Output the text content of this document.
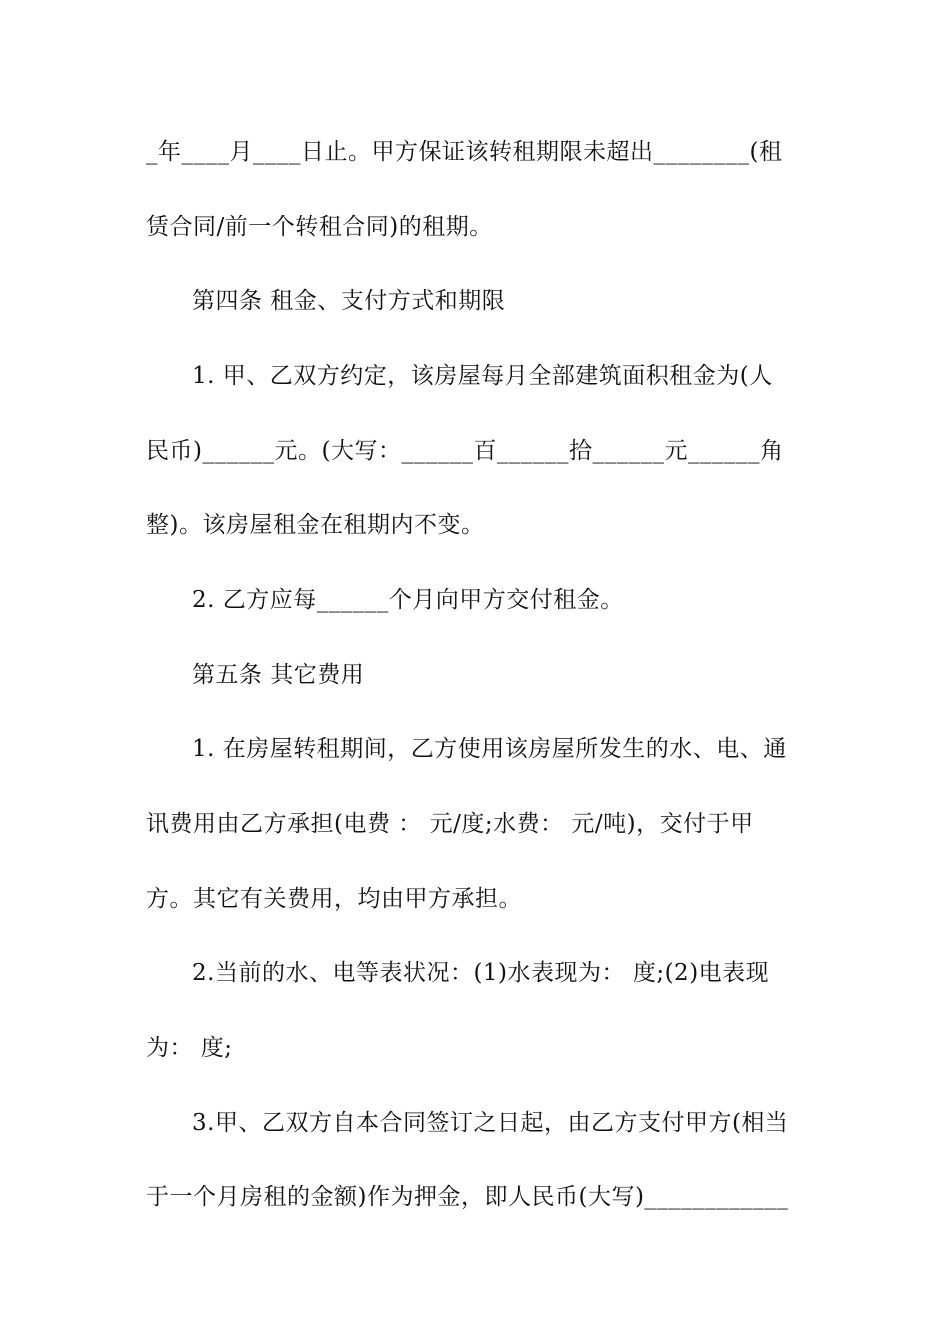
_年____月____日止。甲方保证该转租期限未超出________(租
赁合同/前一个转租合同)的租期。
第四条 租金、支付方式和期限
1. 甲、乙双方约定，该房屋每月全部建筑面积租金为(人
民币)______元。(大写：______百______拾______元______角
整)。该房屋租金在租期内不变。
2. 乙方应每______个月向甲方交付租金。
第五条 其它费用
1. 在房屋转租期间，乙方使用该房屋所发生的水、电、通
讯费用由乙方承担(电费 ： 元/度;水费： 元/吨)，交付于甲
方。其它有关费用，均由甲方承担。
2.当前的水、电等表状况：(1)水表现为： 度;(2)电表现
为： 度;
3.甲、乙双方自本合同签订之日起，由乙方支付甲方(相当
于一个月房租的金额)作为押金，即人民币(大写)____________
